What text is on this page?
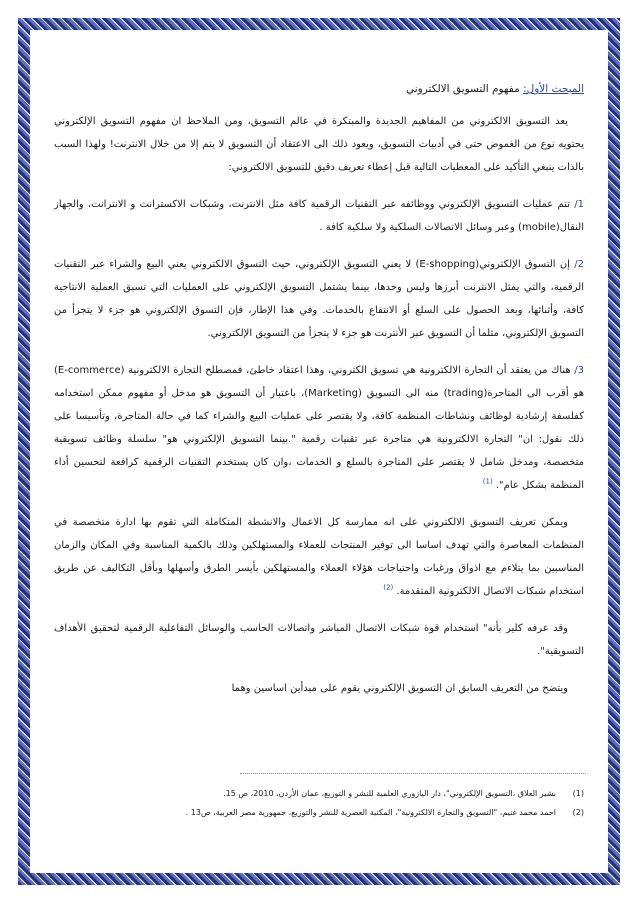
المبحث الأول: مفهوم التسويق الالكتروني

يعد التسويق الالكتروني من المفاهيم الجديدة والمبتكرة في عالم التسويق، ومن الملاحظ ان مفهوم التسويق الإلكتروني يحتويه نوع من الغموض حتى في أدبيات التسويق، ويعود ذلك الى الاعتقاد أن التسويق لا يتم إلا من خلال الانترنت! ولهذا السبب بالذات ينبغي التأكيد على المعطيات التالية قبل إعطاء تعريف دقيق للتسويق الالكتروني:

1/ تتم عمليات التسويق الإلكتروني ووظائفه عبر التقنيات الرقمية كافة مثل الانترنت، وشبكات الاكسترانت و الانترانت، والجهاز النقال(mobile) وعبر وسائل الاتصالات السلكية ولا سلكية كافة .

2/ إن التسوق الإلكتروني(E-shopping) لا يعني التسويق الإلكتروني، حيث التسوق الالكتروني يعني البيع والشراء عبر التقنيات الرقمية، والتي يمثل الانترنت أبرزها وليس وحدها، بينما يشتمل التسويق الإلكتروني على العمليات التي تسبق العملية الانتاجية كافة، وأثنائها، وبعد الحصول على السلع أو الانتفاع بالخدمات. وفي هذا الإطار، فإن التسوق الإلكتروني هو جزء لا يتجزأ من التسويق الإلكتروني، مثلما أن التسويق عبر الأنترنت هو جزء لا يتجزأ من التسويق الإلكتروني.

3/ هناك من يعتقد أن التجارة الالكترونية هي تسويق الكتروني، وهذا اعتقاد خاطئ، فمصطلح التجارة الالكترونية (E-commerce) هو أقرب الى المتاجرة(trading) منه الى التسويق (Marketing)، باعتبار أن التسويق هو مدخل أو مفهوم ممكن استخدامه كفلسفة إرشادية لوظائف ونشاطات المنظمة كافة، ولا يقتصر على عمليات البيع والشراء كما في حالة المتاجرة، وتأسيسا على ذلك نقول: ان" التجارة الالكترونية هي متاجرة عبر تقنيات رقمية ".بينما التسويق الإلكتروني هو" سلسلة وظائف تسويقية متخصصة، ومدخل شامل لا يقتصر على المتاجرة بالسلع و الخدمات ،وان كان يستخدم التقنيات الرقمية كرافعة لتحسين أداء المنظمة بشكل عام". $^{(1)}$

ويمكن تعريف التسويق الالكتروني على انه ممارسة كل الاعمال والانشطة المتكاملة التي تقوم بها ادارة متخصصة في المنظمات المعاصرة والتي تهدف اساسا الى توفير المنتجات للعملاء والمستهلكين وذلك بالكمية المناسبة وفي المكان والزمان المناسبين بما يتلاءم مع اذواق ورغبات واحتياجات هؤلاء العملاء والمستهلكين بأيسر الطرق وأسهلها وبأقل التكاليف عن طريق استخدام شبكات الاتصال الالكترونية المتقدمة. $^{(2)}$

وقد عرفه كلير بأنه" استخدام قوة شبكات الاتصال المباشر واتصالات الحاسب والوسائل التفاعلية الرقمية لتحقيق الأهداف التسويقية".

ويتضح من التعريف السابق ان التسويق الإلكتروني يقوم على مبدأين اساسين وهما

(1)
بشير العلاق ،التسويق الإلكتروني"، دار اليازوري العلمية للنشر و التوزيع، عمان الأردن، 2010، ص 15.
(2)
احمد محمد غنيم، "التسويق والتجارة الالكترونية"، المكتبة العصرية للنشر والتوزيع، جمهورية مصر العربية، ص13 .
